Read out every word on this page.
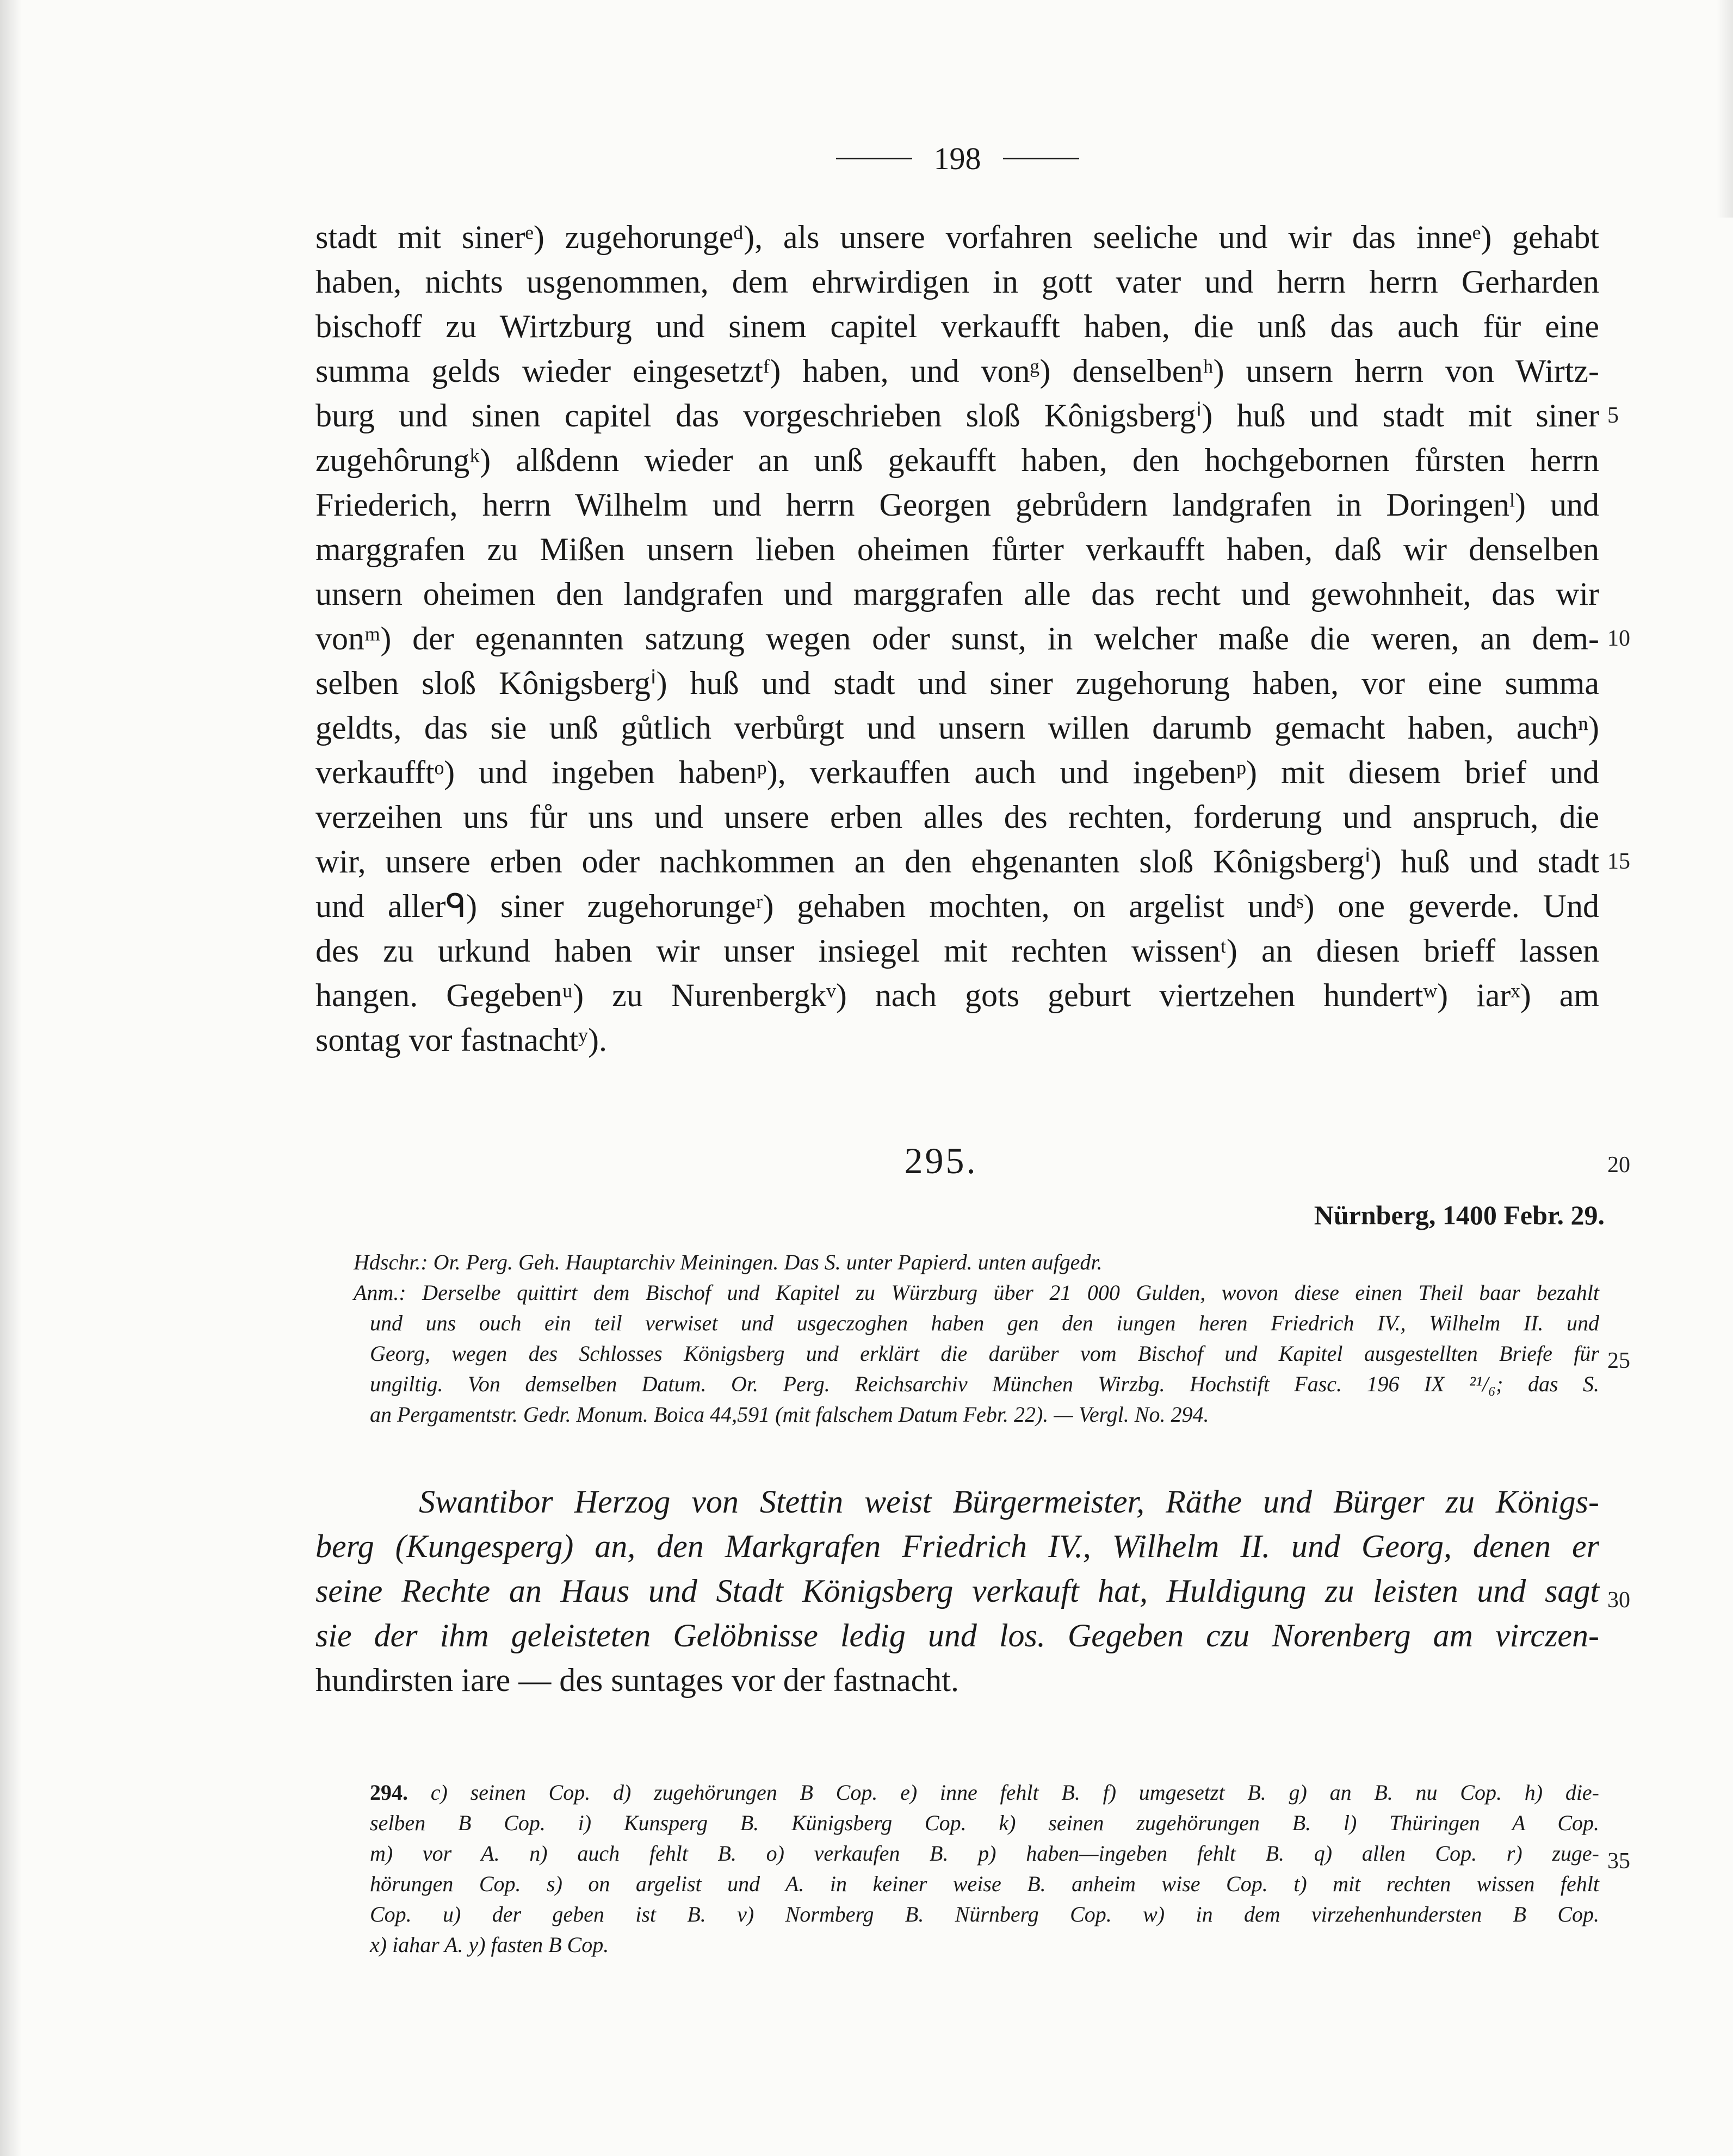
198
stadt mit sinerᵉ) zugehorungeᵈ), als unsere vorfahren seeliche und wir das inneᵉ) gehabt
haben, nichts usgenommen, dem ehrwirdigen in gott vater und herrn herrn Gerharden
bischoff zu Wirtzburg und sinem capitel verkaufft haben, die unß das auch für eine
summa gelds wieder eingesetztᶠ) haben, und vonᵍ) denselbenʰ) unsern herrn von Wirtz-
burg und sinen capitel das vorgeschrieben sloß Kônigsbergⁱ) huß und stadt mit siner
zugehôrungᵏ) alßdenn wieder an unß gekaufft haben, den hochgebornen fůrsten herrn
Friederich, herrn Wilhelm und herrn Georgen gebrůdern landgrafen in Doringenˡ) und
marggrafen zu Mißen unsern lieben oheimen fůrter verkaufft haben, daß wir denselben
unsern oheimen den landgrafen und marggrafen alle das recht und gewohnheit, das wir
vonᵐ) der egenannten satzung wegen oder sunst, in welcher maße die weren, an dem-
selben sloß Kônigsbergⁱ) huß und stadt und siner zugehorung haben, vor eine summa
geldts, das sie unß gůtlich verbůrgt und unsern willen darumb gemacht haben, auchⁿ)
verkaufftᵒ) und ingeben habenᵖ), verkauffen auch und ingebenᵖ) mit diesem brief und
verzeihen uns fůr uns und unsere erben alles des rechten, forderung und anspruch, die
wir, unsere erben oder nachkommen an den ehgenanten sloß Kônigsbergⁱ) huß und stadt
und allerᑫ) siner zugehorungeʳ) gehaben mochten, on argelist undˢ) one geverde. Und
des zu urkund haben wir unser insiegel mit rechten wissenᵗ) an diesen brieff lassen
hangen. Gegebenᵘ) zu Nurenbergkᵛ) nach gots geburt viertzehen hundertʷ) iarˣ) am
sontag vor fastnachtʸ).
5
10
15
20
25
30
35
295.
Nürnberg, 1400 Febr. 29.
Hdschr.: Or. Perg. Geh. Hauptarchiv Meiningen. Das S. unter Papierd. unten aufgedr.
Anm.: Derselbe quittirt dem Bischof und Kapitel zu Würzburg über 21 000 Gulden, wovon diese einen Theil baar bezahlt
und uns ouch ein teil verwiset und usgeczoghen haben gen den iungen heren Friedrich IV., Wilhelm II. und
Georg, wegen des Schlosses Königsberg und erklärt die darüber vom Bischof und Kapitel ausgestellten Briefe für
ungiltig. Von demselben Datum. Or. Perg. Reichsarchiv München Wirzbg. Hochstift Fasc. 196 IX ²¹/₆; das S.
an Pergamentstr. Gedr. Monum. Boica 44,591 (mit falschem Datum Febr. 22). — Vergl. No. 294.
Swantibor Herzog von Stettin weist Bürgermeister, Räthe und Bürger zu Königs-
berg (Kungesperg) an, den Markgrafen Friedrich IV., Wilhelm II. und Georg, denen er
seine Rechte an Haus und Stadt Königsberg verkauft hat, Huldigung zu leisten und sagt
sie der ihm geleisteten Gelöbnisse ledig und los. Gegeben czu Norenberg am virczen-
hundirsten iare — des suntages vor der fastnacht.
294. c) seinen Cop. d) zugehörungen B Cop. e) inne fehlt B. f) umgesetzt B. g) an B. nu Cop. h) die-
selben B Cop. i) Kunsperg B. Künigsberg Cop. k) seinen zugehörungen B. l) Thüringen A Cop.
m) vor A. n) auch fehlt B. o) verkaufen B. p) haben—ingeben fehlt B. q) allen Cop. r) zuge-
hörungen Cop. s) on argelist und A. in keiner weise B. anheim wise Cop. t) mit rechten wissen fehlt
Cop. u) der geben ist B. v) Normberg B. Nürnberg Cop. w) in dem virzehenhundersten B Cop.
x) iahar A. y) fasten B Cop.
